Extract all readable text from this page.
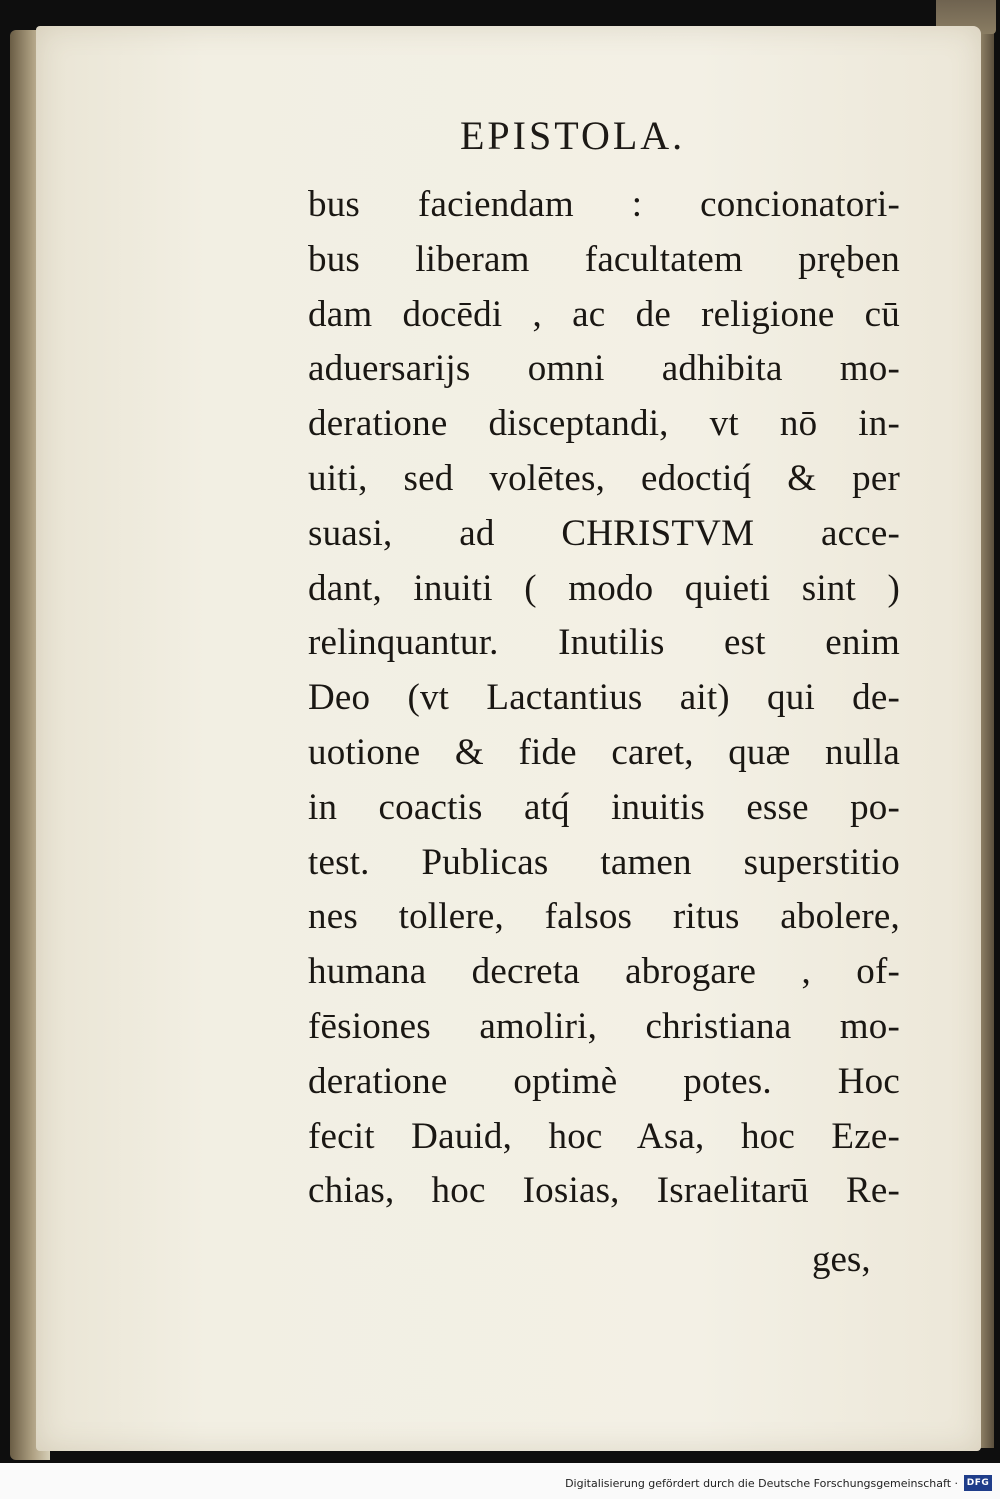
EPISTOLA.
bus faciendam : concionatori-
bus liberam facultatem pręben
dam docēdi , ac de religione cū
aduersarijs omni adhibita mo-
deratione disceptandi, vt nō in-
uiti, sed volētes, edoctiq́ & per
suasi, ad CHRISTVM acce-
dant, inuiti ( modo quieti sint )
relinquantur. Inutilis est enim
Deo (vt Lactantius ait) qui de-
uotione & fide caret, quæ nulla
in coactis atq́ inuitis esse po-
test. Publicas tamen superstitio
nes tollere, falsos ritus abolere,
humana decreta abrogare , of-
fēsiones amoliri, christiana mo-
deratione optimè potes. Hoc
fecit Dauid, hoc Asa, hoc Eze-
chias, hoc Iosias, Israelitarū Re-
ges,
Digitalisierung gefördert durch die Deutsche Forschungsgemeinschaft · DFG
